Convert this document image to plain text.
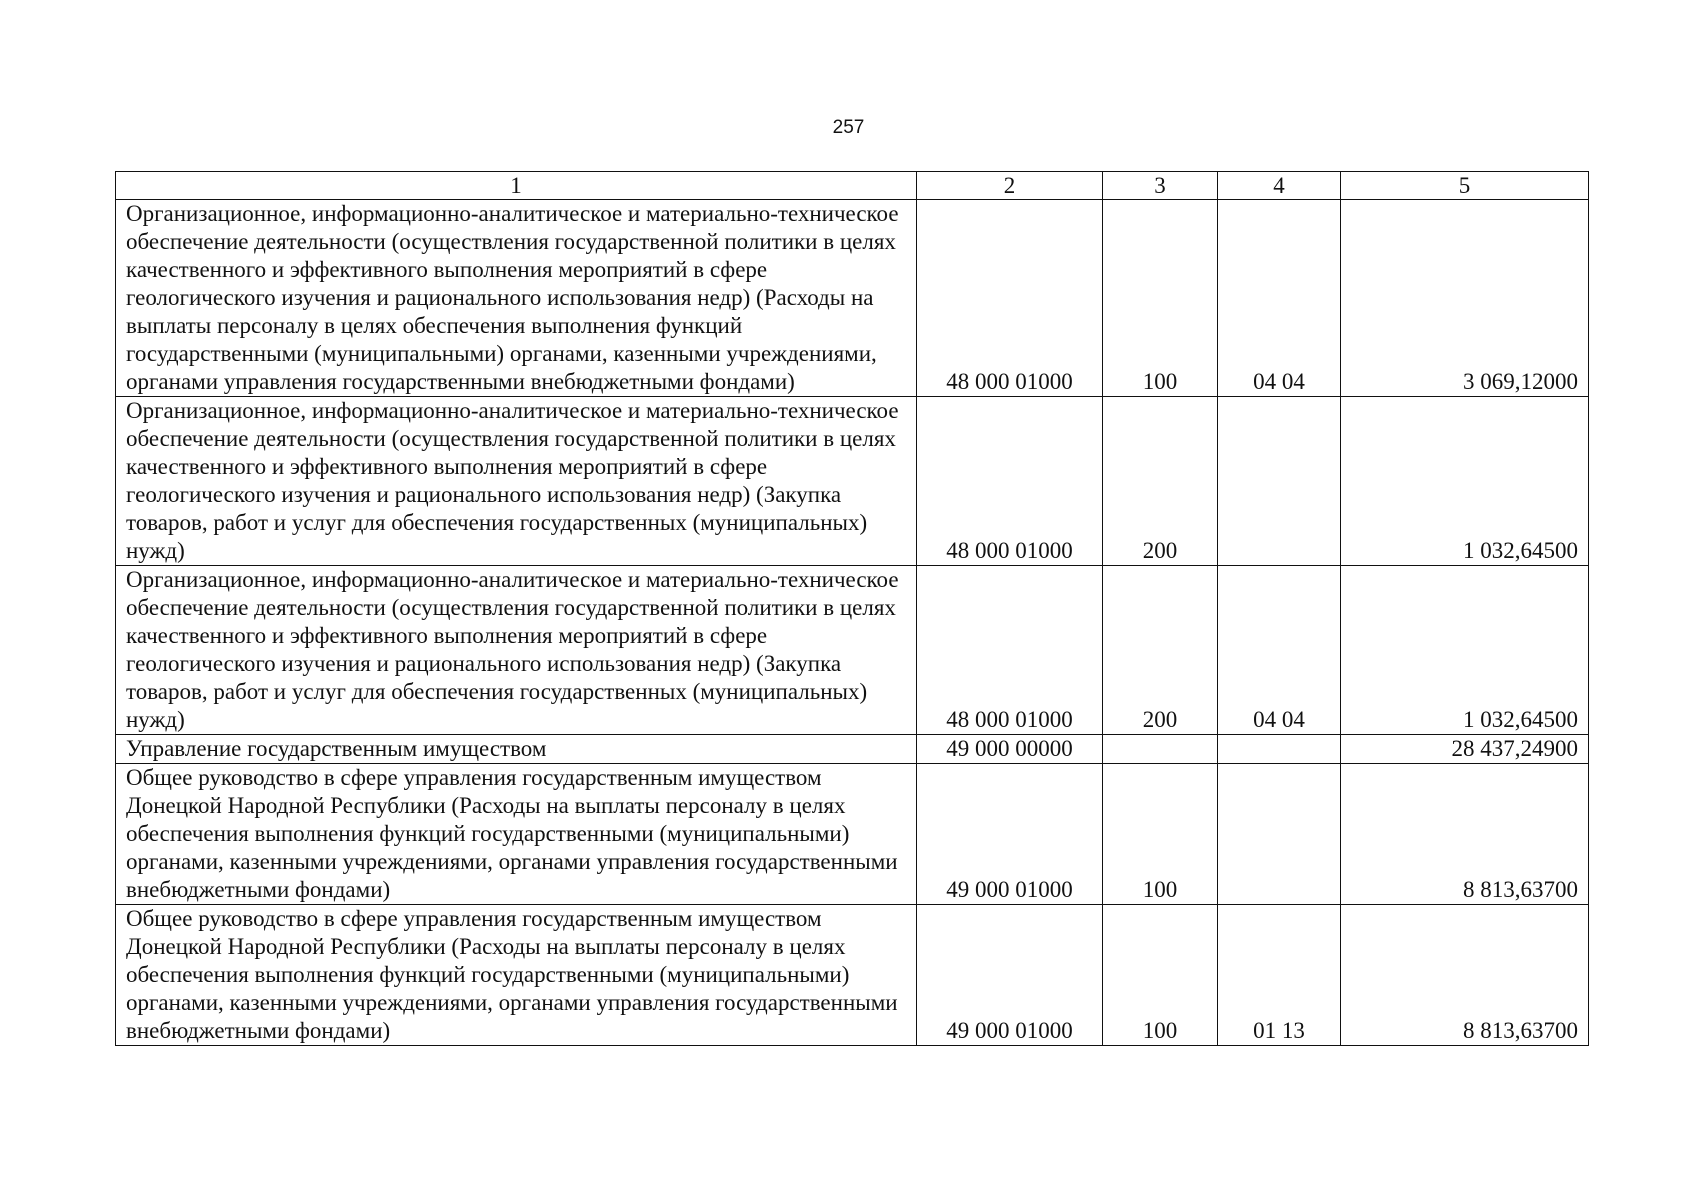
257
1	2	3	4	5
Организационное, информационно-аналитическое и материально-техническое обеспечение деятельности (осуществления государственной политики в целях качественного и эффективного выполнения мероприятий в сфере геологического изучения и рационального использования недр) (Расходы на выплаты персоналу в целях обеспечения выполнения функций государственными (муниципальными) органами, казенными учреждениями, органами управления государственными внебюджетными фондами)	48 000 01000	100	04 04	3 069,12000
Организационное, информационно-аналитическое и материально-техническое обеспечение деятельности (осуществления государственной политики в целях качественного и эффективного выполнения мероприятий в сфере геологического изучения и рационального использования недр) (Закупка товаров, работ и услуг для обеспечения государственных (муниципальных) нужд)	48 000 01000	200		1 032,64500
Организационное, информационно-аналитическое и материально-техническое обеспечение деятельности (осуществления государственной политики в целях качественного и эффективного выполнения мероприятий в сфере геологического изучения и рационального использования недр) (Закупка товаров, работ и услуг для обеспечения государственных (муниципальных) нужд)	48 000 01000	200	04 04	1 032,64500
Управление государственным имуществом	49 000 00000			28 437,24900
Общее руководство в сфере управления государственным имуществом Донецкой Народной Республики (Расходы на выплаты персоналу в целях обеспечения выполнения функций государственными (муниципальными) органами, казенными учреждениями, органами управления государственными внебюджетными фондами)	49 000 01000	100		8 813,63700
Общее руководство в сфере управления государственным имуществом Донецкой Народной Республики (Расходы на выплаты персоналу в целях обеспечения выполнения функций государственными (муниципальными) органами, казенными учреждениями, органами управления государственными внебюджетными фондами)	49 000 01000	100	01 13	8 813,63700
